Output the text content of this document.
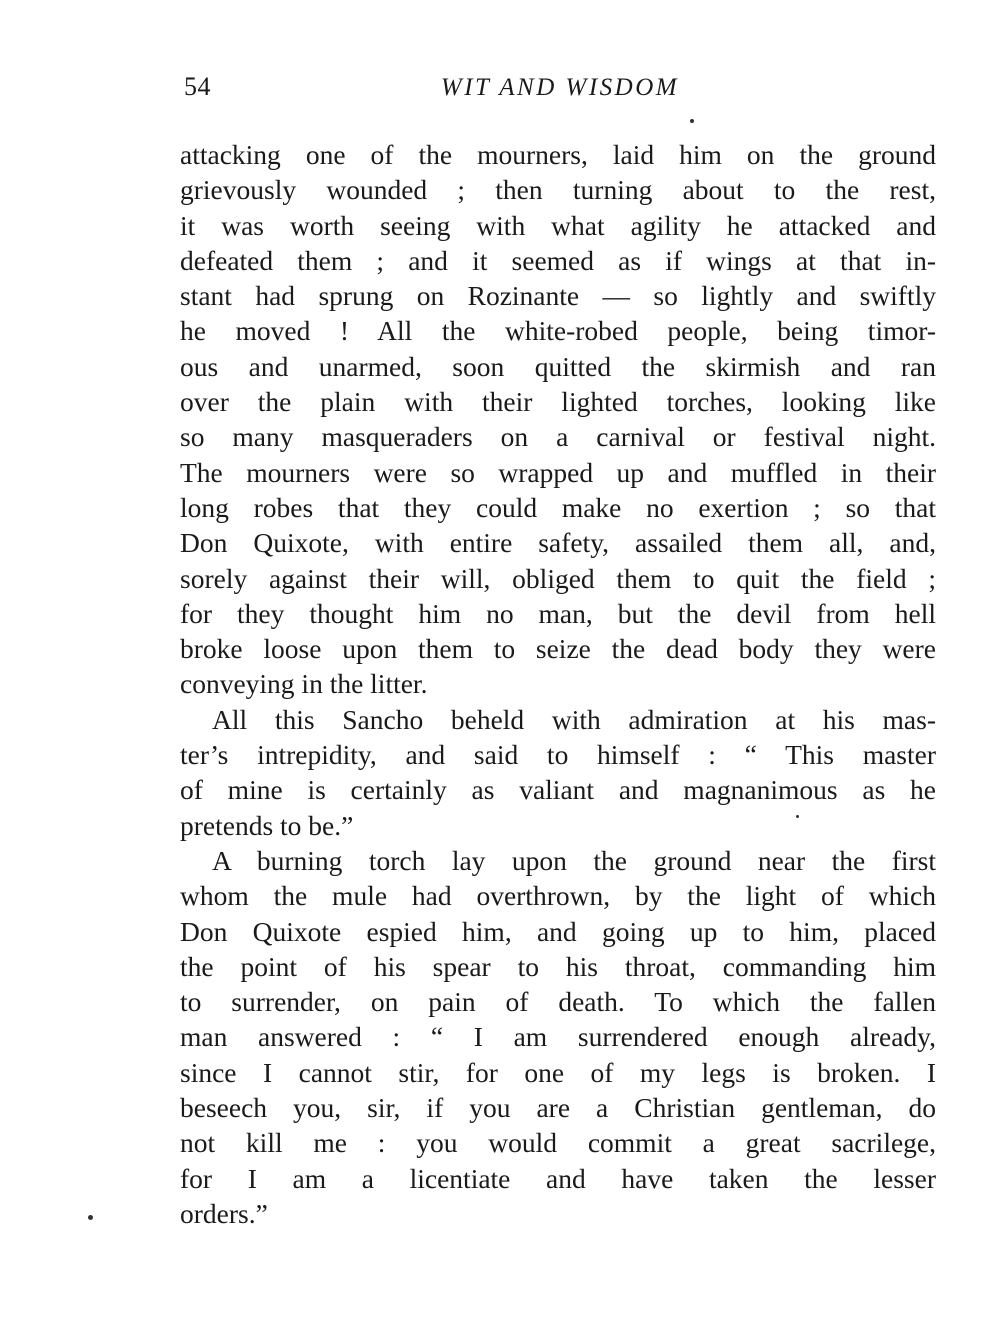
54	WIT AND WISDOM
attacking one of the mourners, laid him on the ground
grievously wounded ; then turning about to the rest,
it was worth seeing with what agility he attacked and
defeated them ; and it seemed as if wings at that in-
stant had sprung on Rozinante — so lightly and swiftly
he moved ! All the white-robed people, being timor-
ous and unarmed, soon quitted the skirmish and ran
over the plain with their lighted torches, looking like
so many masqueraders on a carnival or festival night.
The mourners were so wrapped up and muffled in their
long robes that they could make no exertion ; so that
Don Quixote, with entire safety, assailed them all, and,
sorely against their will, obliged them to quit the field ;
for they thought him no man, but the devil from hell
broke loose upon them to seize the dead body they were
conveying in the litter.
All this Sancho beheld with admiration at his mas-
ter’s intrepidity, and said to himself : “ This master
of mine is certainly as valiant and magnanimous as he
pretends to be.”
A burning torch lay upon the ground near the first
whom the mule had overthrown, by the light of which
Don Quixote espied him, and going up to him, placed
the point of his spear to his throat, commanding him
to surrender, on pain of death. To which the fallen
man answered : “ I am surrendered enough already,
since I cannot stir, for one of my legs is broken. I
beseech you, sir, if you are a Christian gentleman, do
not kill me : you would commit a great sacrilege,
for I am a licentiate and have taken the lesser
orders.”
